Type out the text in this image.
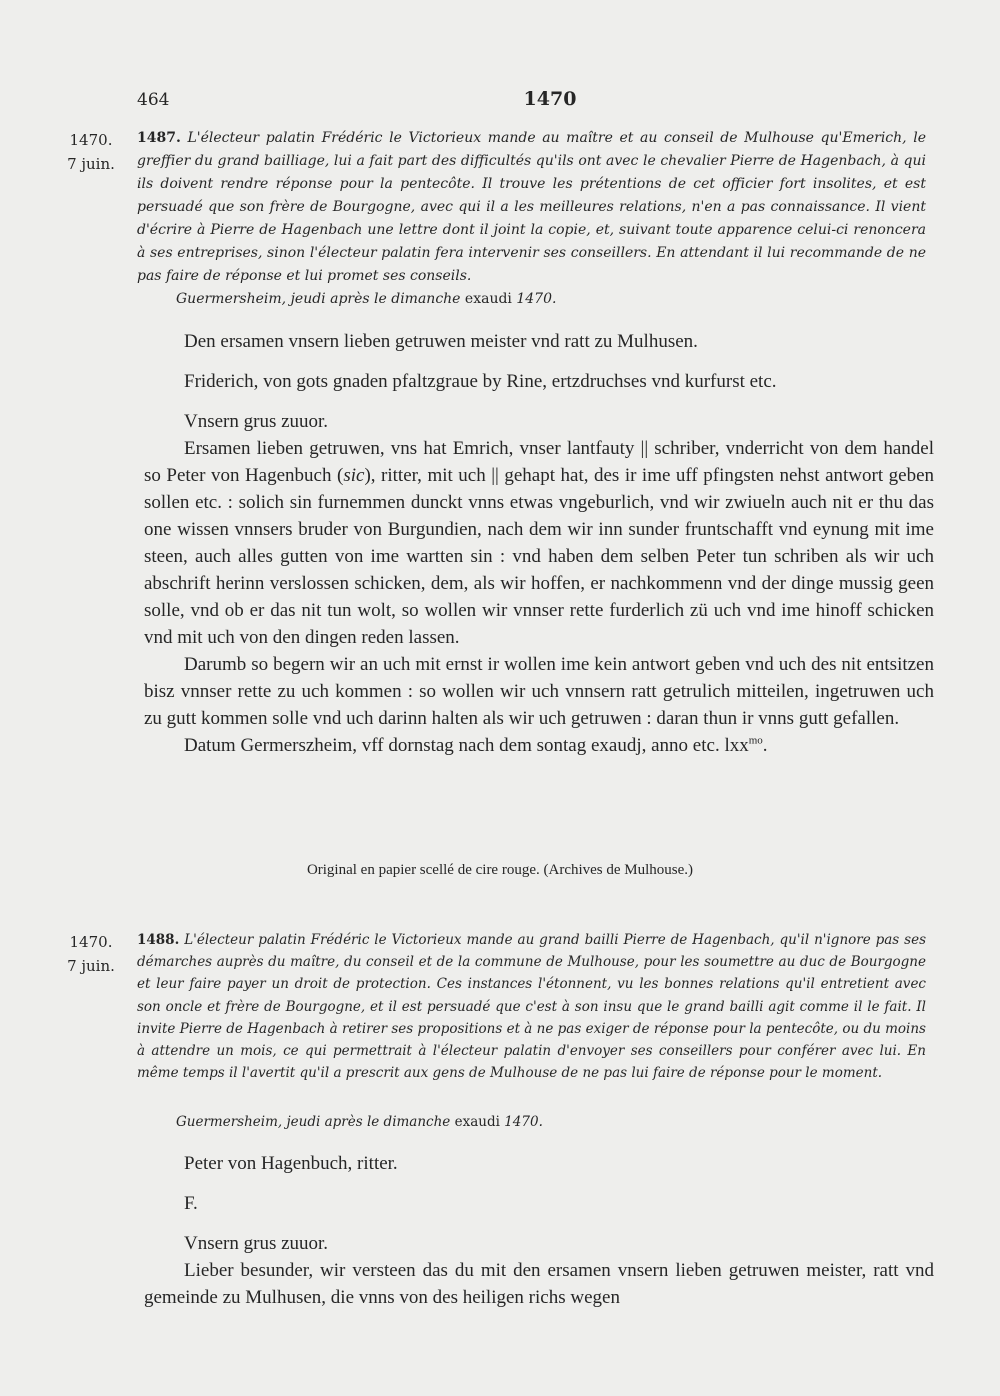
464	1470
1470.
7 juin.
1487. L'électeur palatin Frédéric le Victorieux mande au maître et au conseil de Mulhouse qu'Emerich, le greffier du grand bailliage, lui a fait part des difficultés qu'ils ont avec le chevalier Pierre de Hagenbach, à qui ils doivent rendre réponse pour la pentecôte. Il trouve les prétentions de cet officier fort insolites, et est persuadé que son frère de Bourgogne, avec qui il a les meilleures relations, n'en a pas connaissance. Il vient d'écrire à Pierre de Hagenbach une lettre dont il joint la copie, et, suivant toute apparence celui-ci renoncera à ses entreprises, sinon l'électeur palatin fera intervenir ses conseillers. En attendant il lui recommande de ne pas faire de réponse et lui promet ses conseils.
Guermersheim, jeudi après le dimanche exaudi 1470.

Den ersamen vnsern lieben getruwen meister vnd ratt zu Mulhusen.

Friderich, von gots gnaden pfaltzgraue by Rine, ertzdruchses vnd kurfurst etc.

Vnsern grus zuuor.

Ersamen lieben getruwen, vns hat Emrich, vnser lantfauty || schriber, vnderricht von dem handel so Peter von Hagenbuch (sic), ritter, mit uch || gehapt hat, des ir ime uff pfingsten nehst antwort geben sollen etc. : solich sin furnemmen dunckt vnns etwas vngeburlich, vnd wir zwiueln auch nit er thu das one wissen vnnsers bruder von Burgundien, nach dem wir inn sunder fruntschafft vnd eynung mit ime steen, auch alles gutten von ime wartten sin : vnd haben dem selben Peter tun schriben als wir uch abschrift herinn verslossen schicken, dem, als wir hoffen, er nachkommenn vnd der dinge mussig geen solle, vnd ob er das nit tun wolt, so wollen wir vnnser rette furderlich zü uch vnd ime hinoff schicken vnd mit uch von den dingen reden lassen.

Darumb so begern wir an uch mit ernst ir wollen ime kein antwort geben vnd uch des nit entsitzen bisz vnnser rette zu uch kommen : so wollen wir uch vnnsern ratt getrulich mitteilen, ingetruwen uch zu gutt kommen solle vnd uch darinn halten als wir uch getruwen : daran thun ir vnns gutt gefallen.

Datum Germerszheim, vff dornstag nach dem sontag exaudj, anno etc. lxx$^{mo}$.

Original en papier scellé de cire rouge. (Archives de Mulhouse.)
1470.
7 juin.
1488. L'électeur palatin Frédéric le Victorieux mande au grand bailli Pierre de Hagenbach, qu'il n'ignore pas ses démarches auprès du maître, du conseil et de la commune de Mulhouse, pour les soumettre au duc de Bourgogne et leur faire payer un droit de protection. Ces instances l'étonnent, vu les bonnes relations qu'il entretient avec son oncle et frère de Bourgogne, et il est persuadé que c'est à son insu que le grand bailli agit comme il le fait. Il invite Pierre de Hagenbach à retirer ses propositions et à ne pas exiger de réponse pour la pentecôte, ou du moins à attendre un mois, ce qui permettrait à l'électeur palatin d'envoyer ses conseillers pour conférer avec lui. En même temps il l'avertit qu'il a prescrit aux gens de Mulhouse de ne pas lui faire de réponse pour le moment.
Guermersheim, jeudi après le dimanche exaudi 1470.

Peter von Hagenbuch, ritter.

F.

Vnsern grus zuuor.

Lieber besunder, wir versteen das du mit den ersamen vnsern lieben getruwen meister, ratt vnd gemeinde zu Mulhusen, die vnns von des heiligen richs wegen
